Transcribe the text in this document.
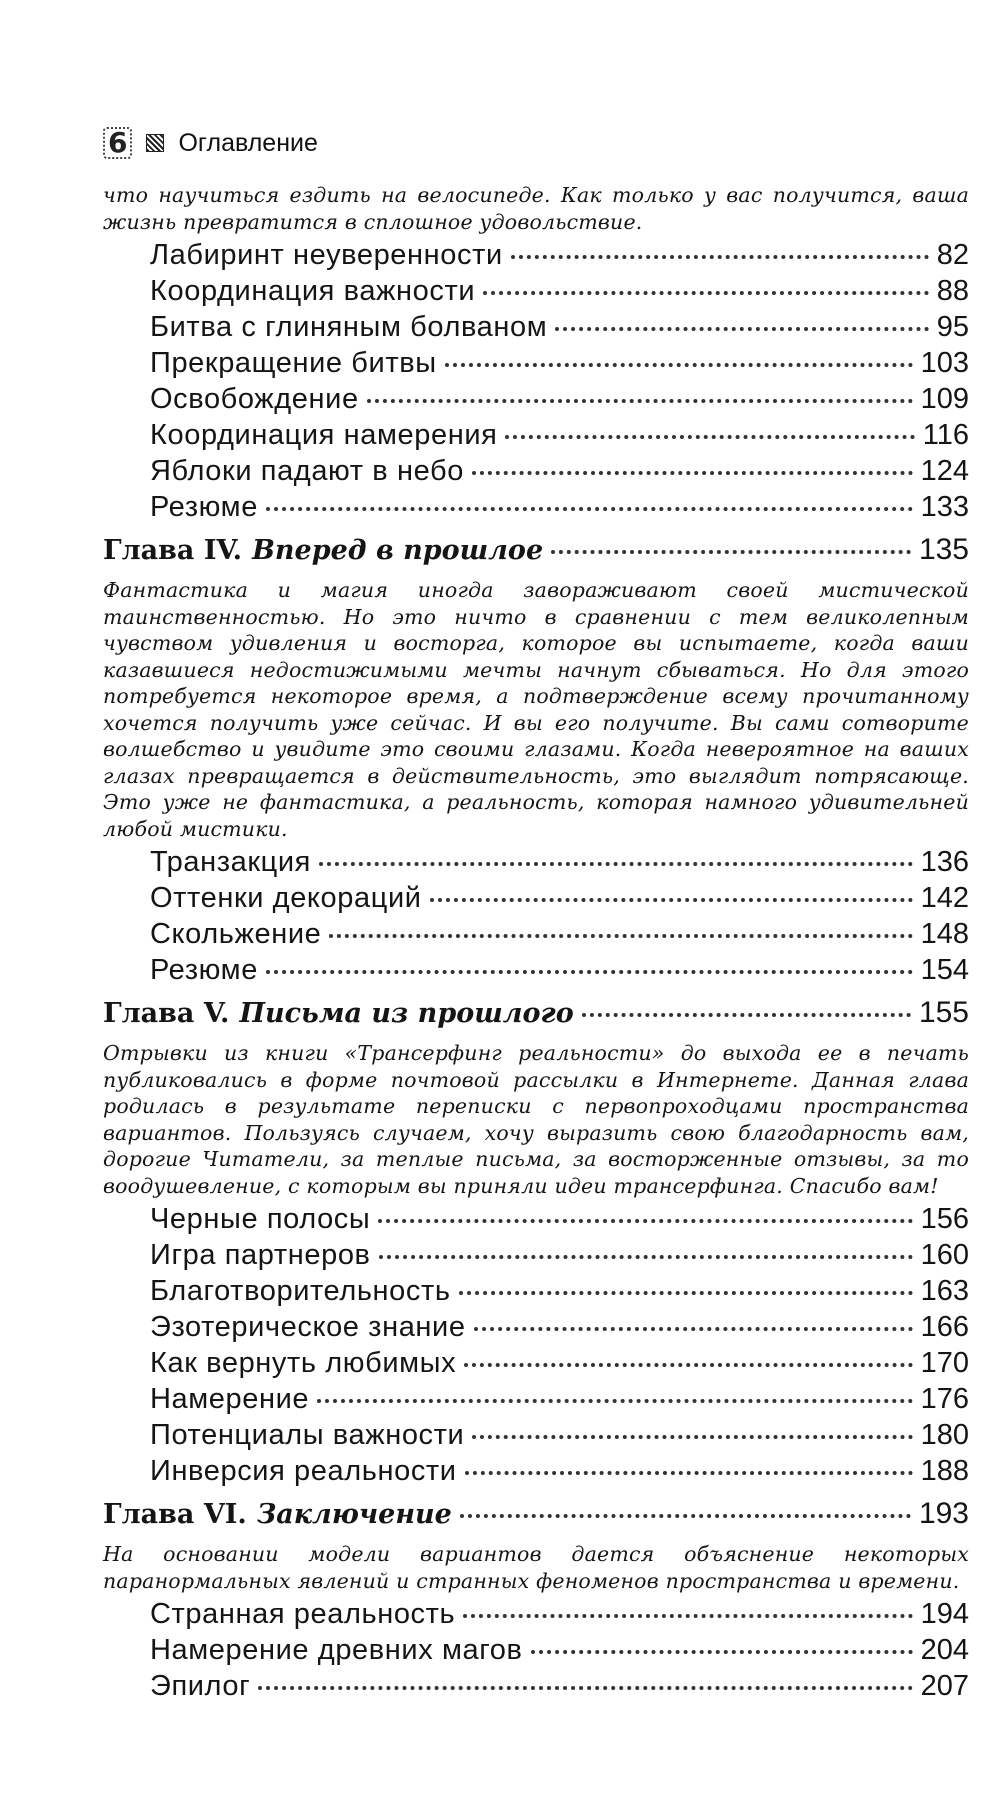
6 Оглавление

что научиться ездить на велосипеде. Как только у вас получится, ваша жизнь превратится в сплошное удовольствие.

Лабиринт неуверенности	82
Координация важности	88
Битва с глиняным болваном	95
Прекращение битвы	103
Освобождение	109
Координация намерения	116
Яблоки падают в небо	124
Резюме	133
Глава IV. Вперед в прошлое	135

Фантастика и магия иногда завораживают своей мистической таинственностью. Но это ничто в сравнении с тем великолепным чувством удивления и восторга, которое вы испытаете, когда ваши казавшиеся недостижимыми мечты начнут сбываться. Но для этого потребуется некоторое время, а подтверждение всему прочитанному хочется получить уже сейчас. И вы его получите. Вы сами сотворите волшебство и увидите это своими глазами. Когда невероятное на ваших глазах превращается в действительность, это выглядит потрясающе. Это уже не фантастика, а реальность, которая намного удивительней любой мистики.

Транзакция	136
Оттенки декораций	142
Скольжение	148
Резюме	154
Глава V. Письма из прошлого	155

Отрывки из книги «Трансерфинг реальности» до выхода ее в печать публиковались в форме почтовой рассылки в Интернете. Данная глава родилась в результате переписки с первопроходцами пространства вариантов. Пользуясь случаем, хочу выразить свою благодарность вам, дорогие Читатели, за теплые письма, за восторженные отзывы, за то воодушевление, с которым вы приняли идеи трансерфинга. Спасибо вам!

Черные полосы	156
Игра партнеров	160
Благотворительность	163
Эзотерическое знание	166
Как вернуть любимых	170
Намерение	176
Потенциалы важности	180
Инверсия реальности	188
Глава VI. Заключение	193

На основании модели вариантов дается объяснение некоторых паранормальных явлений и странных феноменов пространства и времени.

Странная реальность	194
Намерение древних магов	204
Эпилог	207
